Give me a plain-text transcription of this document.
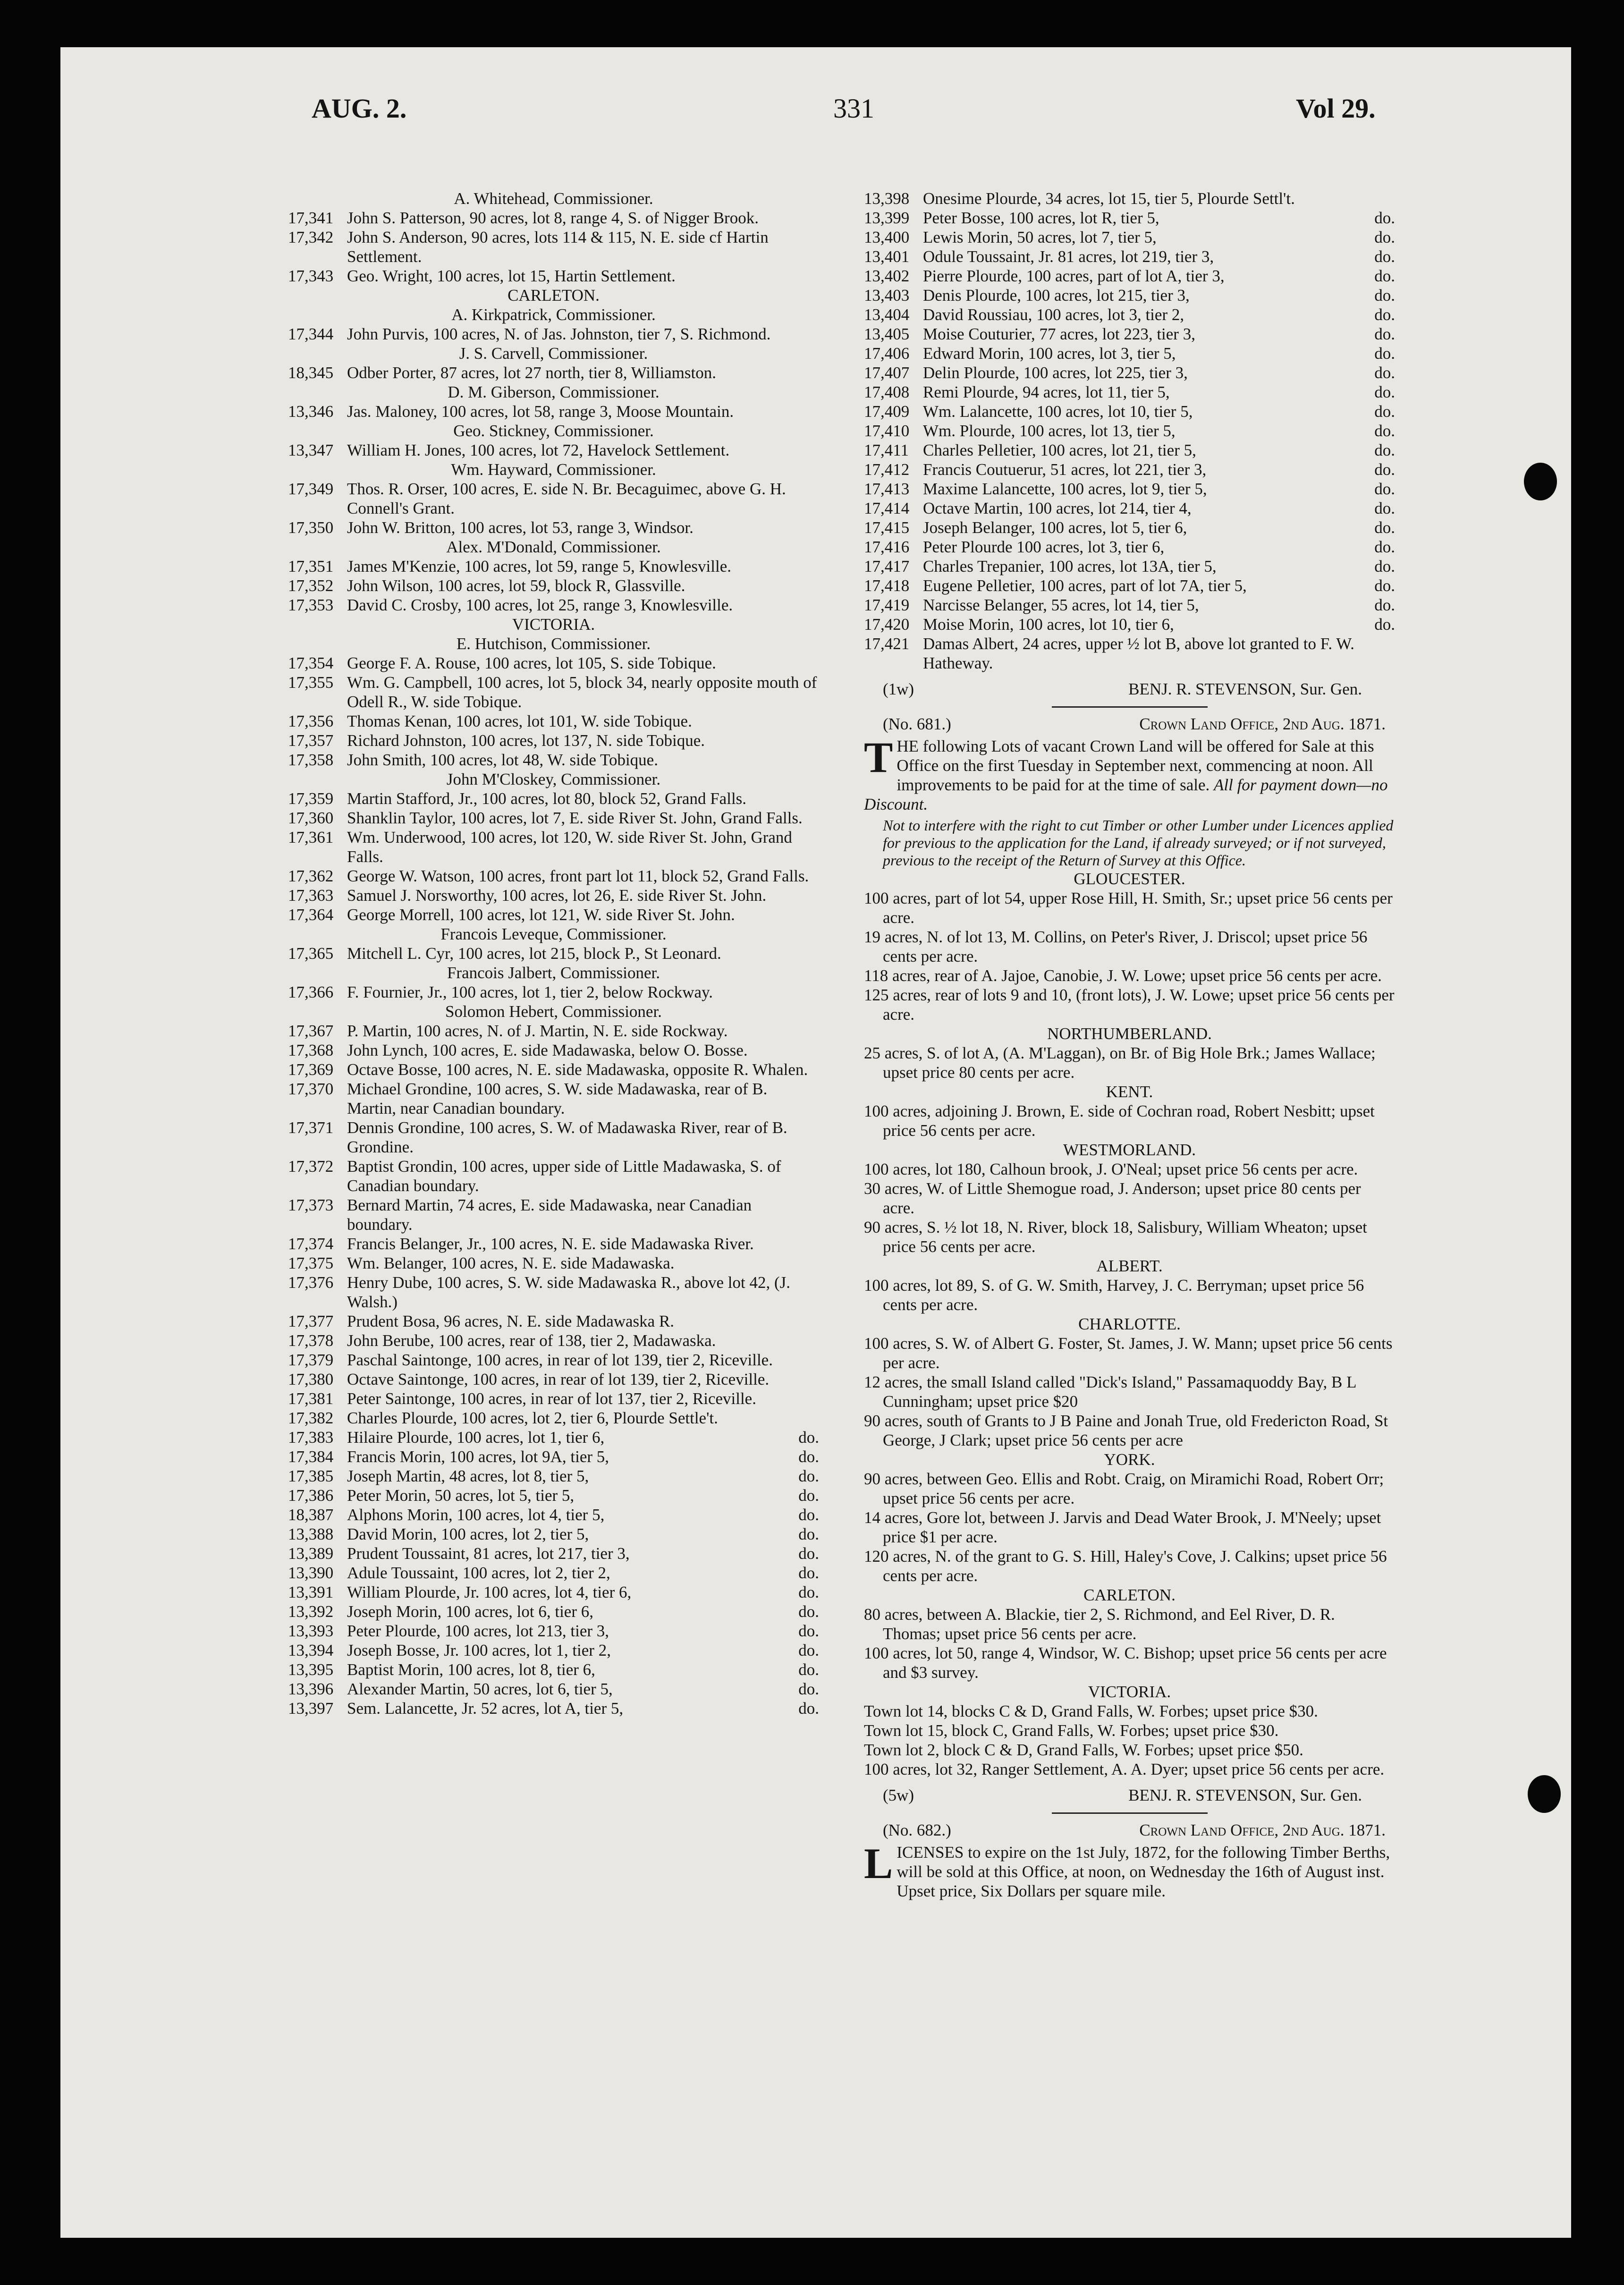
AUG. 2.	331	Vol 29.
A. Whitehead, Commissioner.
17,341 John S. Patterson, 90 acres, lot 8, range 4, S. of Nigger Brook.
17,342 John S. Anderson, 90 acres, lots 114 & 115, N. E. side cf Hartin Settlement.
17,343 Geo. Wright, 100 acres, lot 15, Hartin Settlement.
CARLETON.
A. Kirkpatrick, Commissioner.
17,344 John Purvis, 100 acres, N. of Jas. Johnston, tier 7, S. Richmond.
J. S. Carvell, Commissioner.
18,345 Odber Porter, 87 acres, lot 27 north, tier 8, Williamston.
D. M. Giberson, Commissioner.
13,346 Jas. Maloney, 100 acres, lot 58, range 3, Moose Mountain.
Geo. Stickney, Commissioner.
13,347 William H. Jones, 100 acres, lot 72, Havelock Settlement.
Wm. Hayward, Commissioner.
17,349 Thos. R. Orser, 100 acres, E. side N. Br. Becaguimec, above G. H. Connell's Grant.
17,350 John W. Britton, 100 acres, lot 53, range 3, Windsor.
Alex. M'Donald, Commissioner.
17,351 James M'Kenzie, 100 acres, lot 59, range 5, Knowlesville.
17,352 John Wilson, 100 acres, lot 59, block R, Glassville.
17,353 David C. Crosby, 100 acres, lot 25, range 3, Knowlesville.
VICTORIA.
E. Hutchison, Commissioner.
17,354 George F. A. Rouse, 100 acres, lot 105, S. side Tobique.
17,355 Wm. G. Campbell, 100 acres, lot 5, block 34, nearly opposite mouth of Odell R., W. side Tobique.
17,356 Thomas Kenan, 100 acres, lot 101, W. side Tobique.
17,357 Richard Johnston, 100 acres, lot 137, N. side Tobique.
17,358 John Smith, 100 acres, lot 48, W. side Tobique.
John M'Closkey, Commissioner.
17,359 Martin Stafford, Jr., 100 acres, lot 80, block 52, Grand Falls.
17,360 Shanklin Taylor, 100 acres, lot 7, E. side River St. John, Grand Falls.
17,361 Wm. Underwood, 100 acres, lot 120, W. side River St. John, Grand Falls.
17,362 George W. Watson, 100 acres, front part lot 11, block 52, Grand Falls.
17,363 Samuel J. Norsworthy, 100 acres, lot 26, E. side River St. John.
17,364 George Morrell, 100 acres, lot 121, W. side River St. John.
Francois Leveque, Commissioner.
17,365 Mitchell L. Cyr, 100 acres, lot 215, block P., St Leonard.
Francois Jalbert, Commissioner.
17,366 F. Fournier, Jr., 100 acres, lot 1, tier 2, below Rockway.
Solomon Hebert, Commissioner.
17,367 P. Martin, 100 acres, N. of J. Martin, N. E. side Rockway.
17,368 John Lynch, 100 acres, E. side Madawaska, below O. Bosse.
17,369 Octave Bosse, 100 acres, N. E. side Madawaska, opposite R. Whalen.
17,370 Michael Grondine, 100 acres, S. W. side Madawaska, rear of B. Martin, near Canadian boundary.
17,371 Dennis Grondine, 100 acres, S. W. of Madawaska River, rear of B. Grondine.
17,372 Baptist Grondin, 100 acres, upper side of Little Madawaska, S. of Canadian boundary.
17,373 Bernard Martin, 74 acres, E. side Madawaska, near Canadian boundary.
17,374 Francis Belanger, Jr., 100 acres, N. E. side Madawaska River.
17,375 Wm. Belanger, 100 acres, N. E. side Madawaska.
17,376 Henry Dube, 100 acres, S. W. side Madawaska R., above lot 42, (J. Walsh.)
17,377 Prudent Bosa, 96 acres, N. E. side Madawaska R.
17,378 John Berube, 100 acres, rear of 138, tier 2, Madawaska.
17,379 Paschal Saintonge, 100 acres, in rear of lot 139, tier 2, Riceville.
17,380 Octave Saintonge, 100 acres, in rear of lot 139, tier 2, Riceville.
17,381 Peter Saintonge, 100 acres, in rear of lot 137, tier 2, Riceville.
17,382 Charles Plourde, 100 acres, lot 2, tier 6, Plourde Settle't.
17,383 Hilaire Plourde, 100 acres, lot 1, tier 6,	do.
17,384 Francis Morin, 100 acres, lot 9A, tier 5,	do.
17,385 Joseph Martin, 48 acres, lot 8, tier 5,	do.
17,386 Peter Morin, 50 acres, lot 5, tier 5,	do.
18,387 Alphons Morin, 100 acres, lot 4, tier 5,	do.
13,388 David Morin, 100 acres, lot 2, tier 5,	do.
13,389 Prudent Toussaint, 81 acres, lot 217, tier 3,	do.
13,390 Adule Toussaint, 100 acres, lot 2, tier 2,	do.
13,391 William Plourde, Jr. 100 acres, lot 4, tier 6,	do.
13,392 Joseph Morin, 100 acres, lot 6, tier 6,	do.
13,393 Peter Plourde, 100 acres, lot 213, tier 3,	do.
13,394 Joseph Bosse, Jr. 100 acres, lot 1, tier 2,	do.
13,395 Baptist Morin, 100 acres, lot 8, tier 6,	do.
13,396 Alexander Martin, 50 acres, lot 6, tier 5,	do.
13,397 Sem. Lalancette, Jr. 52 acres, lot A, tier 5,	do.
13,398 Onesime Plourde, 34 acres, lot 15, tier 5, Plourde Settl't.
13,399 Peter Bosse, 100 acres, lot R, tier 5,	do.
13,400 Lewis Morin, 50 acres, lot 7, tier 5,	do.
13,401 Odule Toussaint, Jr. 81 acres, lot 219, tier 3,	do.
13,402 Pierre Plourde, 100 acres, part of lot A, tier 3,	do.
13,403 Denis Plourde, 100 acres, lot 215, tier 3,	do.
13,404 David Roussiau, 100 acres, lot 3, tier 2,	do.
13,405 Moise Couturier, 77 acres, lot 223, tier 3,	do.
17,406 Edward Morin, 100 acres, lot 3, tier 5,	do.
17,407 Delin Plourde, 100 acres, lot 225, tier 3,	do.
17,408 Remi Plourde, 94 acres, lot 11, tier 5,	do.
17,409 Wm. Lalancette, 100 acres, lot 10, tier 5,	do.
17,410 Wm. Plourde, 100 acres, lot 13, tier 5,	do.
17,411 Charles Pelletier, 100 acres, lot 21, tier 5,	do.
17,412 Francis Coutuerur, 51 acres, lot 221, tier 3,	do.
17,413 Maxime Lalancette, 100 acres, lot 9, tier 5,	do.
17,414 Octave Martin, 100 acres, lot 214, tier 4,	do.
17,415 Joseph Belanger, 100 acres, lot 5, tier 6,	do.
17,416 Peter Plourde 100 acres, lot 3, tier 6,	do.
17,417 Charles Trepanier, 100 acres, lot 13A, tier 5,	do.
17,418 Eugene Pelletier, 100 acres, part of lot 7A, tier 5,	do.
17,419 Narcisse Belanger, 55 acres, lot 14, tier 5,	do.
17,420 Moise Morin, 100 acres, lot 10, tier 6,	do.
17,421 Damas Albert, 24 acres, upper ½ lot B, above lot granted to F. W. Hatheway.
(1w)	BENJ. R. STEVENSON, Sur. Gen.
(No. 681.)	Crown Land Office, 2nd Aug. 1871.
T HE following Lots of vacant Crown Land will be offered for Sale at this Office on the first Tuesday in September next, commencing at noon. All improvements to be paid for at the time of sale. All for payment down—no Discount.
Not to interfere with the right to cut Timber or other Lumber under Licences applied for previous to the application for the Land, if already surveyed; or if not surveyed, previous to the receipt of the Return of Survey at this Office.
GLOUCESTER.
100 acres, part of lot 54, upper Rose Hill, H. Smith, Sr.; upset price 56 cents per acre.
19 acres, N. of lot 13, M. Collins, on Peter's River, J. Driscol; upset price 56 cents per acre.
118 acres, rear of A. Jajoe, Canobie, J. W. Lowe; upset price 56 cents per acre.
125 acres, rear of lots 9 and 10, (front lots), J. W. Lowe; upset price 56 cents per acre.
NORTHUMBERLAND.
25 acres, S. of lot A, (A. M'Laggan), on Br. of Big Hole Brk.; James Wallace; upset price 80 cents per acre.
KENT.
100 acres, adjoining J. Brown, E. side of Cochran road, Robert Nesbitt; upset price 56 cents per acre.
WESTMORLAND.
100 acres, lot 180, Calhoun brook, J. O'Neal; upset price 56 cents per acre.
30 acres, W. of Little Shemogue road, J. Anderson; upset price 80 cents per acre.
90 acres, S. ½ lot 18, N. River, block 18, Salisbury, William Wheaton; upset price 56 cents per acre.
ALBERT.
100 acres, lot 89, S. of G. W. Smith, Harvey, J. C. Berryman; upset price 56 cents per acre.
CHARLOTTE.
100 acres, S. W. of Albert G. Foster, St. James, J. W. Mann; upset price 56 cents per acre.
12 acres, the small Island called "Dick's Island," Passamaquoddy Bay, B L Cunningham; upset price $20
90 acres, south of Grants to J B Paine and Jonah True, old Fredericton Road, St George, J Clark; upset price 56 cents per acre
YORK.
90 acres, between Geo. Ellis and Robt. Craig, on Miramichi Road, Robert Orr; upset price 56 cents per acre.
14 acres, Gore lot, between J. Jarvis and Dead Water Brook, J. M'Neely; upset price $1 per acre.
120 acres, N. of the grant to G. S. Hill, Haley's Cove, J. Calkins; upset price 56 cents per acre.
CARLETON.
80 acres, between A. Blackie, tier 2, S. Richmond, and Eel River, D. R. Thomas; upset price 56 cents per acre.
100 acres, lot 50, range 4, Windsor, W. C. Bishop; upset price 56 cents per acre and $3 survey.
VICTORIA.
Town lot 14, blocks C & D, Grand Falls, W. Forbes; upset price $30.
Town lot 15, block C, Grand Falls, W. Forbes; upset price $30.
Town lot 2, block C & D, Grand Falls, W. Forbes; upset price $50.
100 acres, lot 32, Ranger Settlement, A. A. Dyer; upset price 56 cents per acre.
(5w)	BENJ. R. STEVENSON, Sur. Gen.
(No. 682.)	Crown Land Office, 2nd Aug. 1871.
L ICENSES to expire on the 1st July, 1872, for the following Timber Berths, will be sold at this Office, at noon, on Wednesday the 16th of August inst. Upset price, Six Dollars per square mile.
